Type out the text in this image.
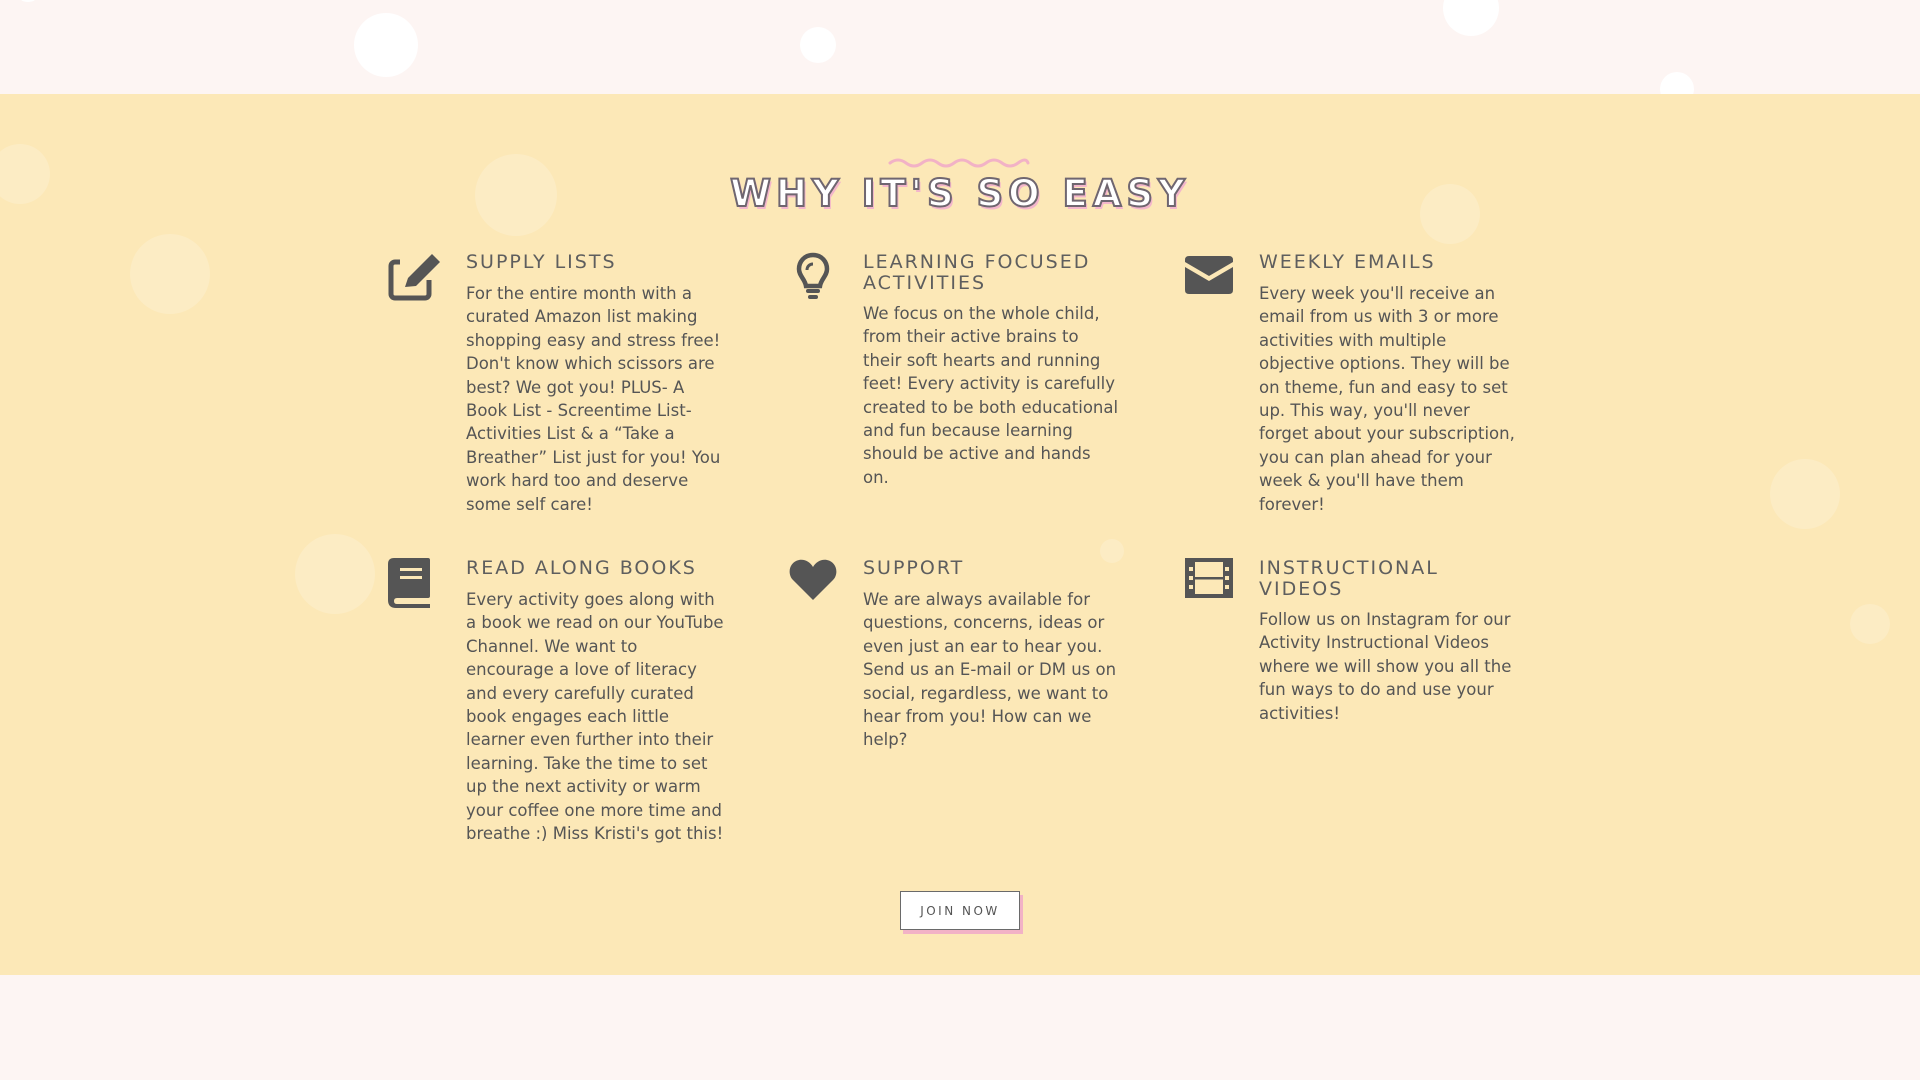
WHY IT'S SO EASY
SUPPLY LISTS

For the entire month with a curated Amazon list making shopping easy and stress free! Don't know which scissors are best? We got you! PLUS- A Book List - Screentime List- Activities List & a “Take a Breather” List just for you! You work hard too and deserve some self care!

LEARNING FOCUSED ACTIVITIES

We focus on the whole child, from their active brains to their soft hearts and running feet! Every activity is carefully created to be both educational and fun because learning should be active and hands on.

WEEKLY EMAILS

Every week you'll receive an email from us with 3 or more activities with multiple objective options. They will be on theme, fun and easy to set up. This way, you'll never forget about your subscription, you can plan ahead for your week & you'll have them forever!

READ ALONG BOOKS

Every activity goes along with a book we read on our YouTube Channel. We want to encourage a love of literacy and every carefully curated book engages each little learner even further into their learning. Take the time to set up the next activity or warm your coffee one more time and breathe :) Miss Kristi's got this!

SUPPORT

We are always available for questions, concerns, ideas or even just an ear to hear you. Send us an E-mail or DM us on social, regardless, we want to hear from you! How can we help?

INSTRUCTIONAL VIDEOS

Follow us on Instagram for our Activity Instructional Videos where we will show you all the fun ways to do and use your activities!

JOIN NOW
